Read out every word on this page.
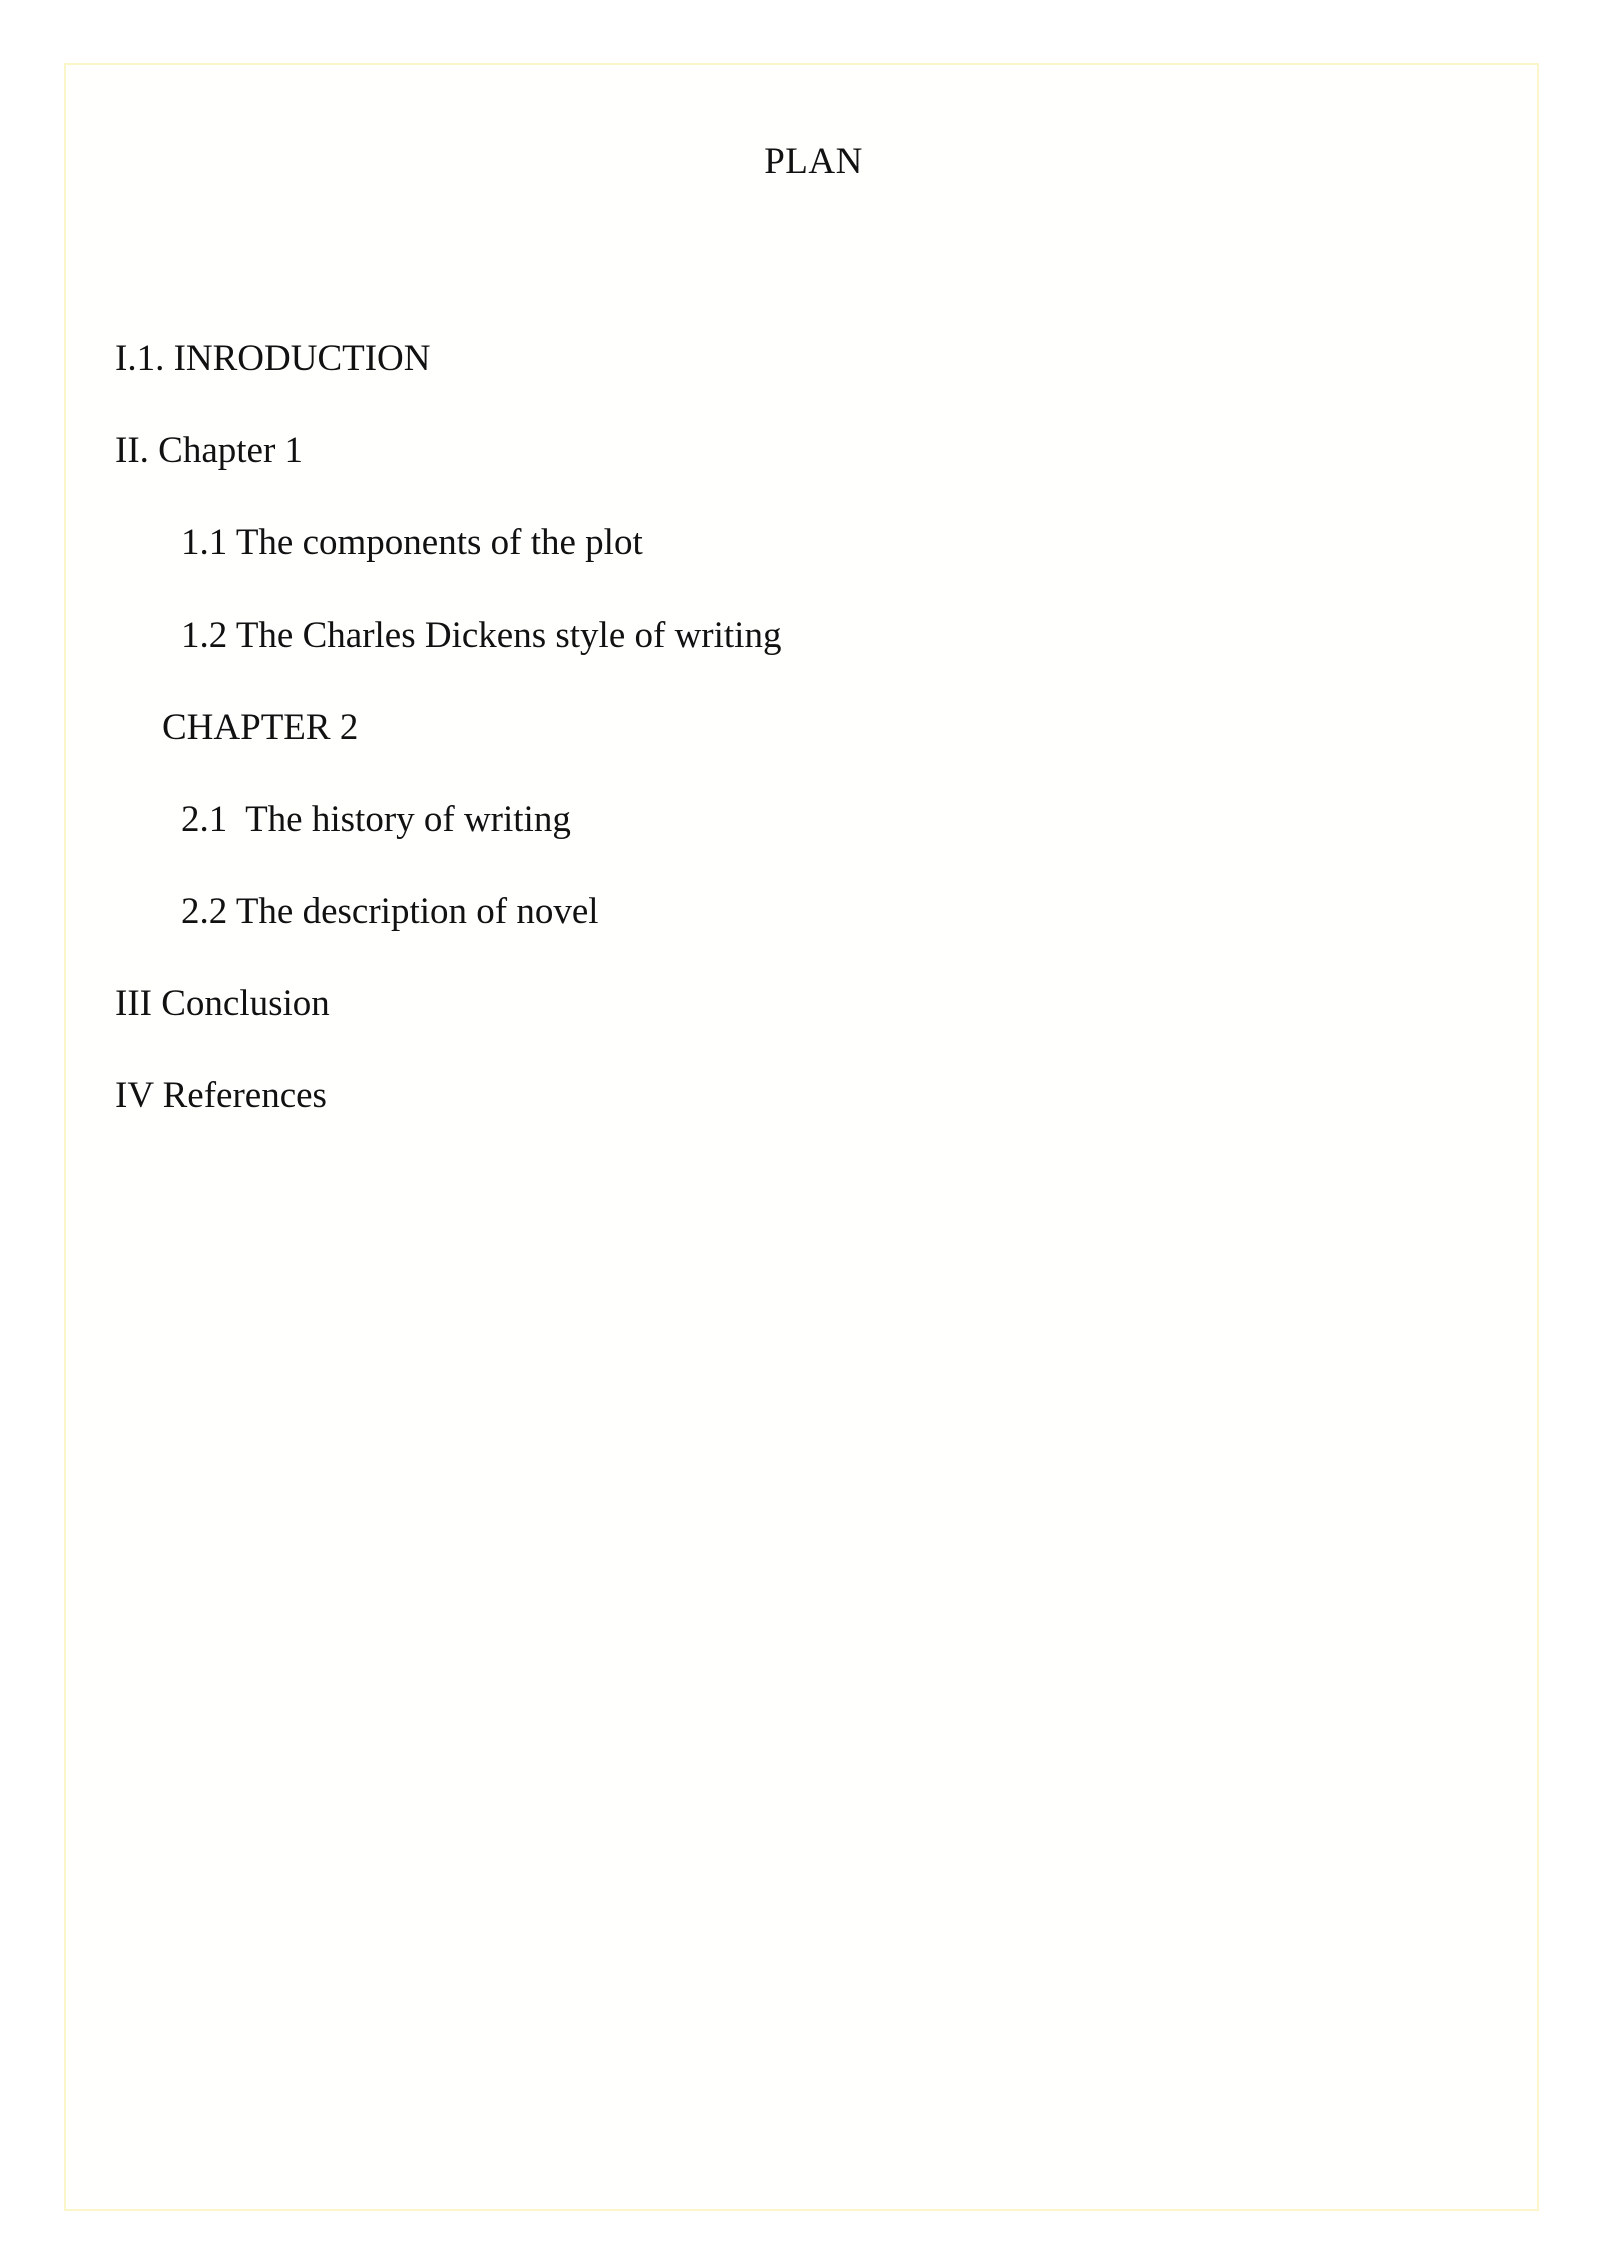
PLAN
I.1. INRODUCTION
II. Chapter 1
1.1 The components of the plot
1.2 The Charles Dickens style of writing
CHAPTER 2
2.1  The history of writing
2.2 The description of novel
III Conclusion
IV References
